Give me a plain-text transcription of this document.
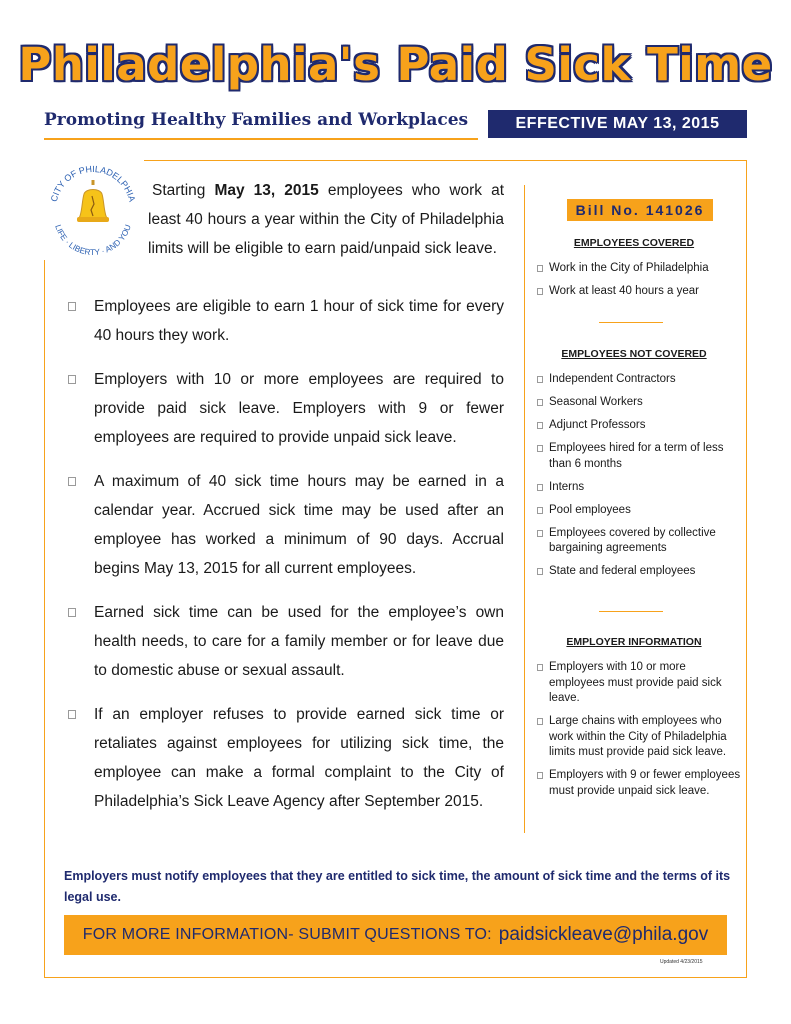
Philadelphia's Paid Sick Time
Promoting Healthy Families and Workplaces	EFFECTIVE MAY 13, 2015
CITY OF PHILADELPHIA
LIFE · LIBERTY · AND YOU
Starting May 13, 2015 employees who work at least 40 hours a year within the City of Philadelphia limits will be eligible to earn paid/unpaid sick leave.
Employees are eligible to earn 1 hour of sick time for every 40 hours they work.
Employers with 10 or more employees are required to provide paid sick leave. Employers with 9 or fewer employees are required to provide unpaid sick leave.
A maximum of 40 sick time hours may be earned in a calendar year. Accrued sick time may be used after an employee has worked a minimum of 90 days. Accrual begins May 13, 2015 for all current employees.
Earned sick time can be used for the employee’s own health needs, to care for a family member or for leave due to domestic abuse or sexual assault.
If an employer refuses to provide earned sick time or retaliates against employees for utilizing sick time, the employee can make a formal complaint to the City of Philadelphia’s Sick Leave Agency after September 2015.
Bill No. 141026
EMPLOYEES COVERED
Work in the City of Philadelphia
Work at least 40 hours a year
EMPLOYEES NOT COVERED
Independent Contractors
Seasonal Workers
Adjunct Professors
Employees hired for a term of less than 6 months
Interns
Pool employees
Employees covered by collective bargaining agreements
State and federal employees
EMPLOYER INFORMATION
Employers with 10 or more employees must provide paid sick leave.
Large chains with employees who work within the City of Philadelphia limits must provide paid sick leave.
Employers with 9 or fewer employees must provide unpaid sick leave.
Employers must notify employees that they are entitled to sick time, the amount of sick time and the terms of its legal use.
FOR MORE INFORMATION- SUBMIT QUESTIONS TO: paidsickleave@phila.gov
Updated 4/23/2015
